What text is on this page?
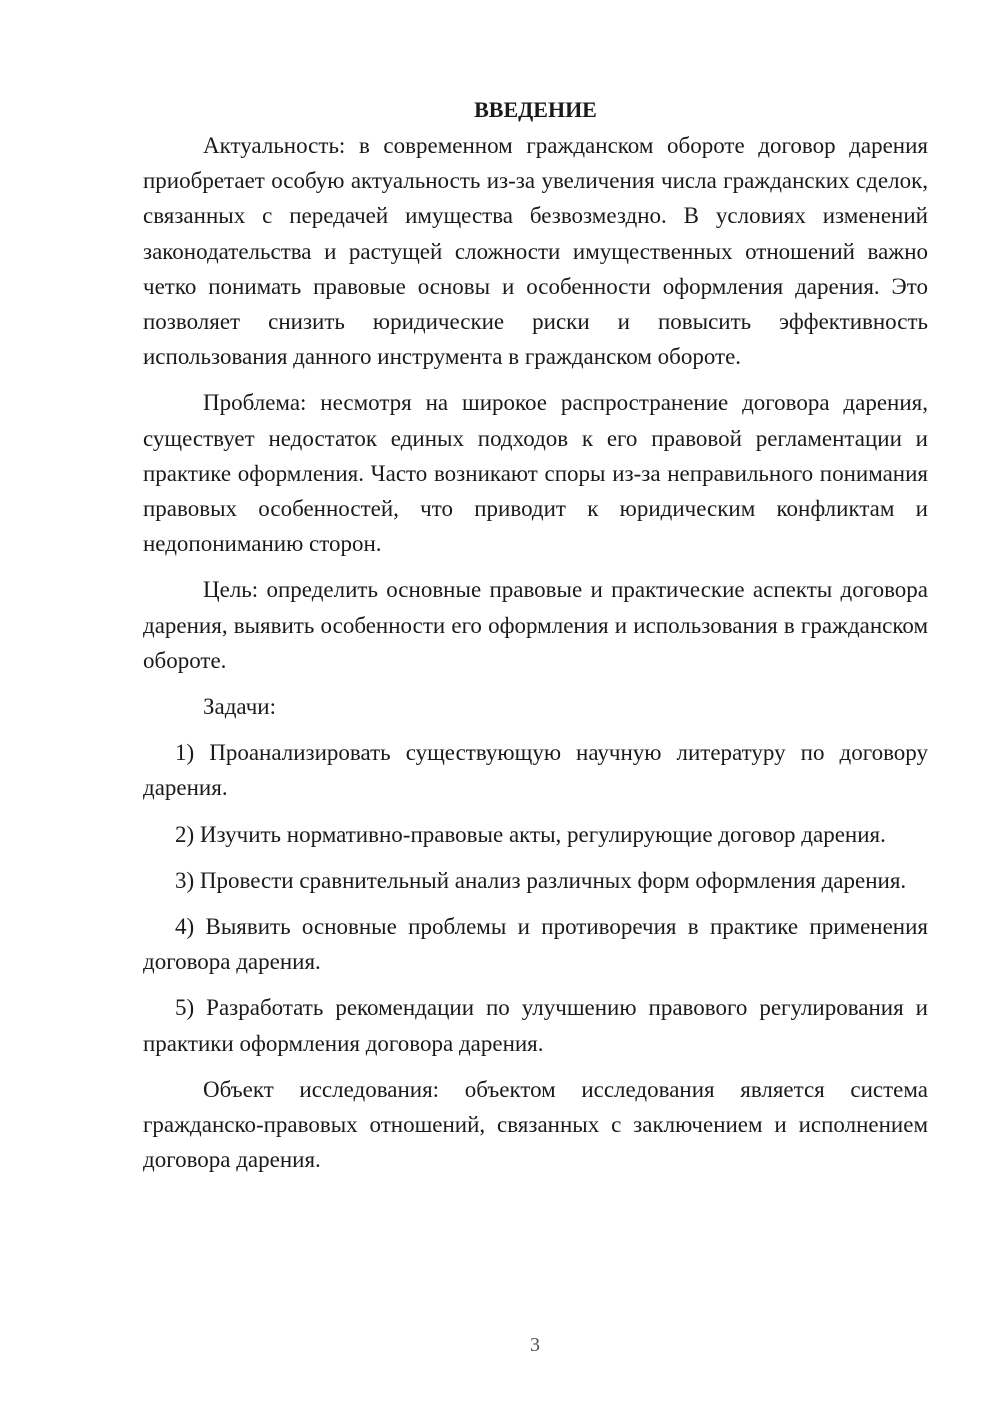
ВВЕДЕНИЕ

Актуальность: в современном гражданском обороте договор дарения приобретает особую актуальность из-за увеличения числа гражданских сделок, связанных с передачей имущества безвозмездно. В условиях изменений законодательства и растущей сложности имущественных отношений важно четко понимать правовые основы и особенности оформления дарения. Это позволяет снизить юридические риски и повысить эффективность использования данного инструмента в гражданском обороте.

Проблема: несмотря на широкое распространение договора дарения, существует недостаток единых подходов к его правовой регламентации и практике оформления. Часто возникают споры из-за неправильного понимания правовых особенностей, что приводит к юридическим конфликтам и недопониманию сторон.

Цель: определить основные правовые и практические аспекты договора дарения, выявить особенности его оформления и использования в гражданском обороте.

Задачи:

1) Проанализировать существующую научную литературу по договору дарения.

2) Изучить нормативно-правовые акты, регулирующие договор дарения.

3) Провести сравнительный анализ различных форм оформления дарения.

4) Выявить основные проблемы и противоречия в практике применения договора дарения.

5) Разработать рекомендации по улучшению правового регулирования и практики оформления договора дарения.

Объект исследования: объектом исследования является система гражданско-правовых отношений, связанных с заключением и исполнением договора дарения.

3
